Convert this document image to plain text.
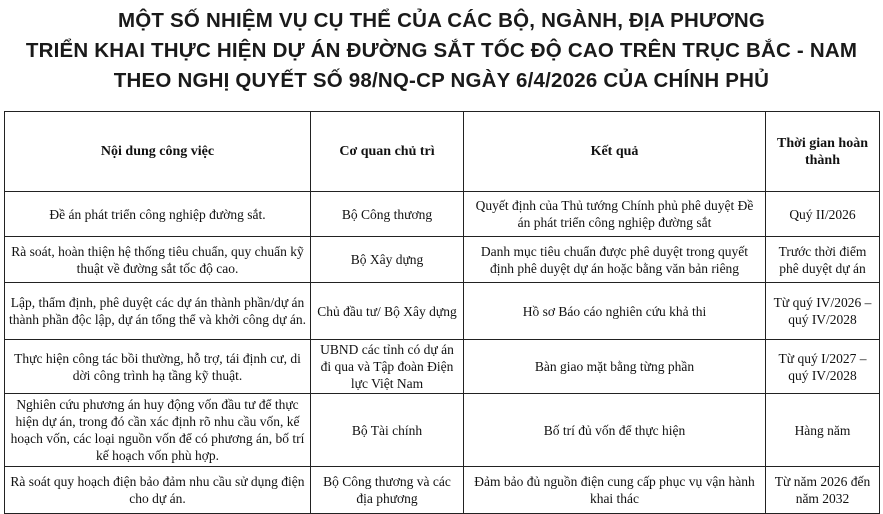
MỘT SỐ NHIỆM VỤ CỤ THỂ CỦA CÁC BỘ, NGÀNH, ĐỊA PHƯƠNG
TRIỂN KHAI THỰC HIỆN DỰ ÁN ĐƯỜNG SẮT TỐC ĐỘ CAO TRÊN TRỤC BẮC - NAM
THEO NGHỊ QUYẾT SỐ 98/NQ-CP NGÀY 6/4/2026 CỦA CHÍNH PHỦ
Nội dung công việc	Cơ quan chủ trì	Kết quả	Thời gian hoàn thành
Đề án phát triển công nghiệp đường sắt.	Bộ Công thương	Quyết định của Thủ tướng Chính phủ phê duyệt Đề án phát triển công nghiệp đường sắt	Quý II/2026
Rà soát, hoàn thiện hệ thống tiêu chuẩn, quy chuẩn kỹ thuật về đường sắt tốc độ cao.	Bộ Xây dựng	Danh mục tiêu chuẩn được phê duyệt trong quyết định phê duyệt dự án hoặc bằng văn bản riêng	Trước thời điểm phê duyệt dự án
Lập, thẩm định, phê duyệt các dự án thành phần/dự án thành phần độc lập, dự án tổng thể và khởi công dự án.	Chủ đầu tư/ Bộ Xây dựng	Hồ sơ Báo cáo nghiên cứu khả thi	Từ quý IV/2026 – quý IV/2028
Thực hiện công tác bồi thường, hỗ trợ, tái định cư, di dời công trình hạ tầng kỹ thuật.	UBND các tỉnh có dự án đi qua và Tập đoàn Điện lực Việt Nam	Bàn giao mặt bằng từng phần	Từ quý I/2027 – quý IV/2028
Nghiên cứu phương án huy động vốn đầu tư để thực hiện dự án, trong đó cần xác định rõ nhu cầu vốn, kế hoạch vốn, các loại nguồn vốn để có phương án, bố trí kế hoạch vốn phù hợp.	Bộ Tài chính	Bố trí đủ vốn để thực hiện	Hàng năm
Rà soát quy hoạch điện bảo đảm nhu cầu sử dụng điện cho dự án.	Bộ Công thương và các địa phương	Đảm bảo đủ nguồn điện cung cấp phục vụ vận hành khai thác	Từ năm 2026 đến năm 2032
